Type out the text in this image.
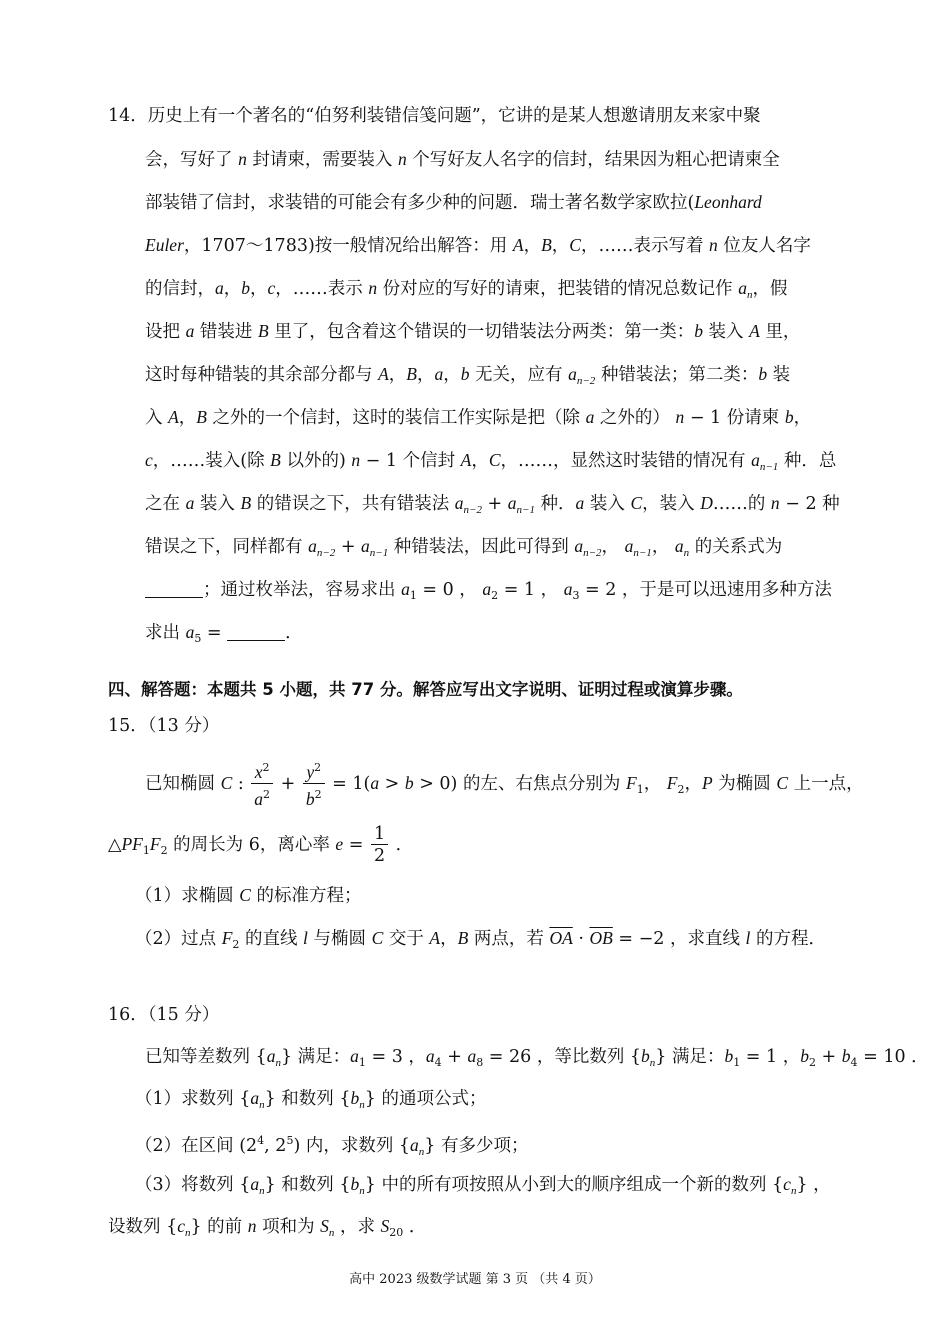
14．历史上有一个著名的“伯努利装错信笺问题”，它讲的是某人想邀请朋友来家中聚
会，写好了 n 封请柬，需要装入 n 个写好友人名字的信封，结果因为粗心把请柬全
部装错了信封，求装错的可能会有多少种的问题．瑞士著名数学家欧拉(Leonhard
Euler，1707～1783)按一般情况给出解答：用 A，B，C，……表示写着 n 位友人名字
的信封，a，b，c，……表示 n 份对应的写好的请柬，把装错的情况总数记作 $a_n$，假
设把 a 错装进 B 里了，包含着这个错误的一切错装法分两类：第一类：b 装入 A 里，
这时每种错装的其余部分都与 A，B，a，b 无关，应有 $a_{n-2}$ 种错装法；第二类：b 装
入 A，B 之外的一个信封，这时的装信工作实际是把（除 a 之外的） n − 1 份请柬 b，
c，……装入(除 B 以外的) n − 1 个信封 A，C，……，显然这时装错的情况有 $a_{n-1}$ 种．总
之在 a 装入 B 的错误之下，共有错装法 $a_{n-2} + a_{n-1}$ 种．a 装入 C，装入 D……的 n − 2 种
错误之下，同样都有 $a_{n-2} + a_{n-1}$ 种错装法，因此可得到 $a_{n-2}$， $a_{n-1}$， $a_n$ 的关系式为
；通过枚举法，容易求出 $a_1 = 0$ ， $a_2 = 1$ ， $a_3 = 2$ ，于是可以迅速用多种方法
求出 $a_5$ =	．
四、解答题：本题共 5 小题，共 77 分。解答应写出文字说明、证明过程或演算步骤。
15．（13 分）
已知椭圆 C : $\frac{x^2}{a^2} + \frac{y^2}{b^2} = 1(a > b > 0)$ 的左、右焦点分别为 $F_1$， $F_2$，P 为椭圆 C 上一点，
$\triangle PF_1F_2$ 的周长为 6，离心率 $e = \frac{1}{2}$ ．
（1）求椭圆 C 的标准方程；
（2）过点 $F_2$ 的直线 l 与椭圆 C 交于 A，B 两点，若 $\overline{OA} \cdot \overline{OB} = -2$ ，求直线 l 的方程．
16．（15 分）
已知等差数列 $\{a_n\}$ 满足：$a_1 = 3$ ，$a_4 + a_8 = 26$ ，等比数列 $\{b_n\}$ 满足：$b_1 = 1$ ，$b_2 + b_4 = 10$ ．
（1）求数列 $\{a_n\}$ 和数列 $\{b_n\}$ 的通项公式；
（2）在区间 ($2^4$, $2^5$) 内，求数列 $\{a_n\}$ 有多少项；
（3）将数列 $\{a_n\}$ 和数列 $\{b_n\}$ 中的所有项按照从小到大的顺序组成一个新的数列 $\{c_n\}$ ，
设数列 $\{c_n\}$ 的前 n 项和为 $S_n$ ，求 $S_{20}$ ．
高中 2023 级数学试题 第 3 页 （共 4 页）
